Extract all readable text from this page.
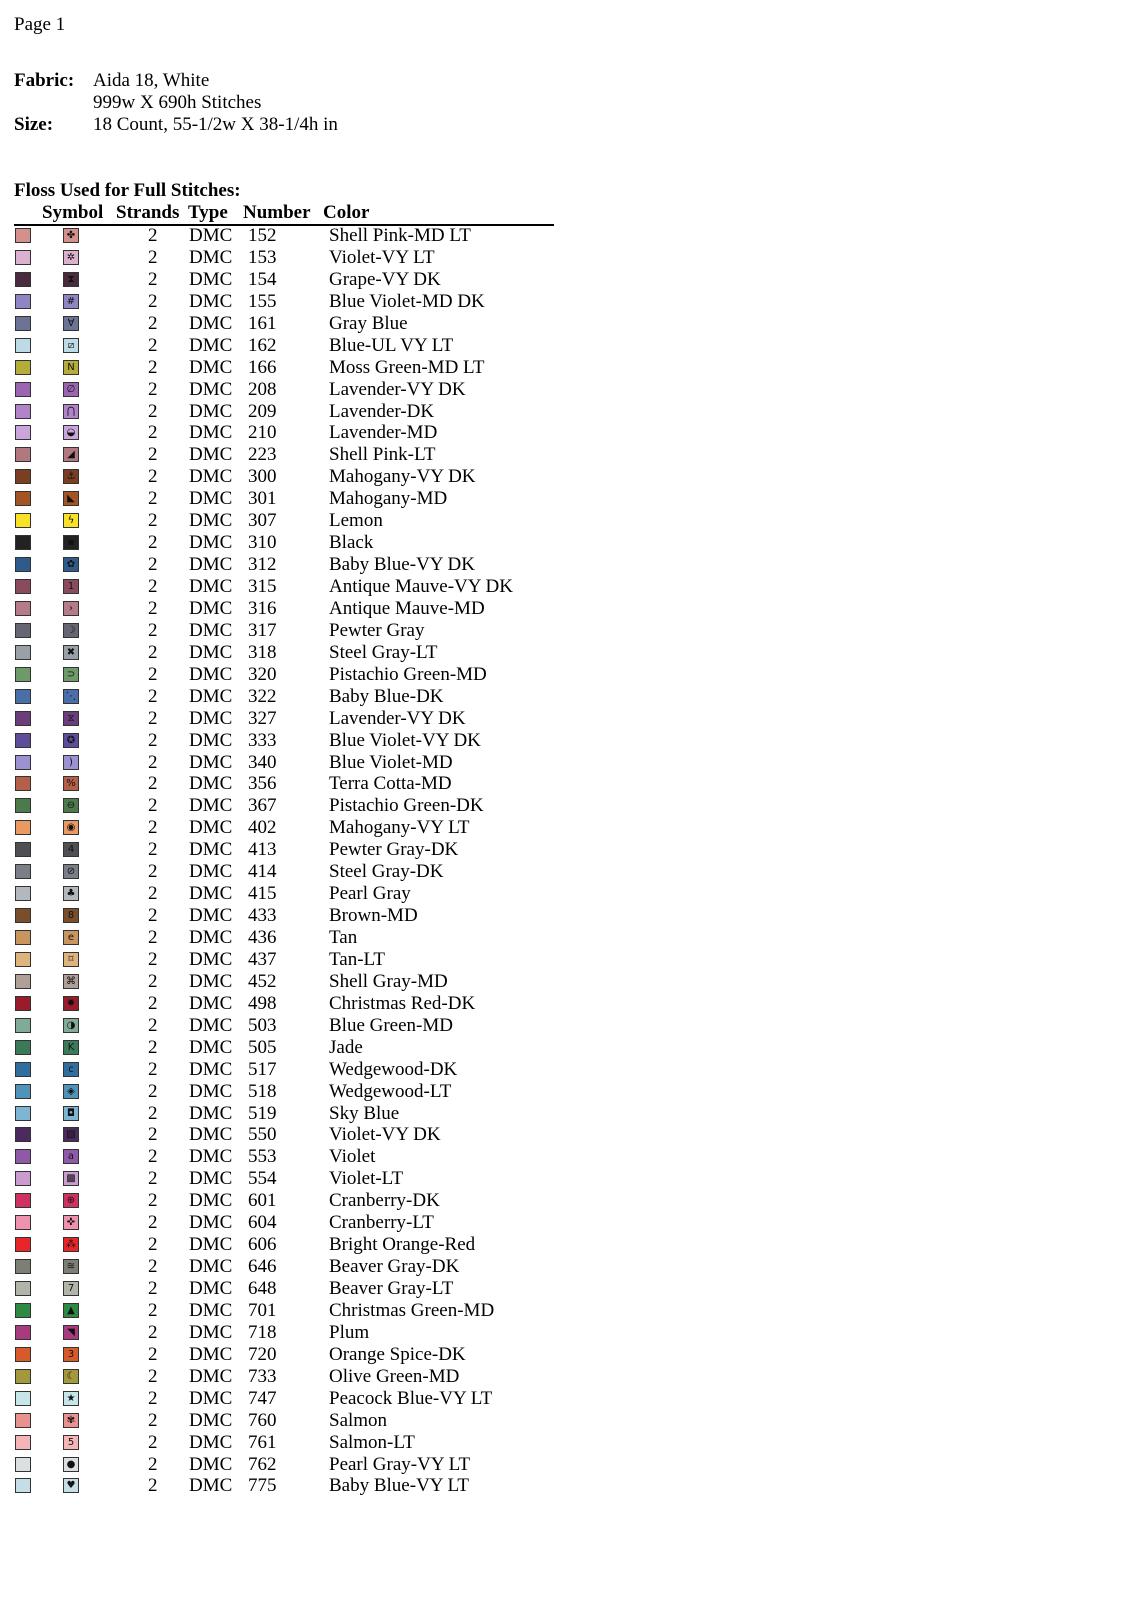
Page 1
Fabric: Aida 18, White
999w X 690h Stitches
Size: 18 Count, 55-1/2w X 38-1/4h in
Floss Used for Full Stitches:
Symbol Strands Type Number Color
✤	2 DMC 152	Shell Pink-MD LT
✲	2 DMC 153	Violet-VY LT
⧗	2 DMC 154	Grape-VY DK
#	2 DMC 155	Blue Violet-MD DK
∀	2 DMC 161	Gray Blue
⧄	2 DMC 162	Blue-UL VY LT
N	2 DMC 166	Moss Green-MD LT
∅	2 DMC 208	Lavender-VY DK
⋂	2 DMC 209	Lavender-DK
◒	2 DMC 210	Lavender-MD
◢	2 DMC 223	Shell Pink-LT
⚓	2 DMC 300	Mahogany-VY DK
◣	2 DMC 301	Mahogany-MD
ϟ	2 DMC 307	Lemon
▪	2 DMC 310	Black
✿	2 DMC 312	Baby Blue-VY DK
1	2 DMC 315	Antique Mauve-VY DK
›	2 DMC 316	Antique Mauve-MD
☽	2 DMC 317	Pewter Gray
✖	2 DMC 318	Steel Gray-LT
⊃	2 DMC 320	Pistachio Green-MD
⋱	2 DMC 322	Baby Blue-DK
⧖	2 DMC 327	Lavender-VY DK
✪	2 DMC 333	Blue Violet-VY DK
)	2 DMC 340	Blue Violet-MD
%	2 DMC 356	Terra Cotta-MD
⊖	2 DMC 367	Pistachio Green-DK
◉	2 DMC 402	Mahogany-VY LT
4	2 DMC 413	Pewter Gray-DK
⊘	2 DMC 414	Steel Gray-DK
♣	2 DMC 415	Pearl Gray
8	2 DMC 433	Brown-MD
e	2 DMC 436	Tan
⌑	2 DMC 437	Tan-LT
⌘	2 DMC 452	Shell Gray-MD
✹	2 DMC 498	Christmas Red-DK
◑	2 DMC 503	Blue Green-MD
K	2 DMC 505	Jade
c	2 DMC 517	Wedgewood-DK
◈	2 DMC 518	Wedgewood-LT
◘	2 DMC 519	Sky Blue
▧	2 DMC 550	Violet-VY DK
a	2 DMC 553	Violet
▩	2 DMC 554	Violet-LT
⊕	2 DMC 601	Cranberry-DK
✜	2 DMC 604	Cranberry-LT
⁂	2 DMC 606	Bright Orange-Red
≋	2 DMC 646	Beaver Gray-DK
7	2 DMC 648	Beaver Gray-LT
▲	2 DMC 701	Christmas Green-MD
◥	2 DMC 718	Plum
3	2 DMC 720	Orange Spice-DK
☾	2 DMC 733	Olive Green-MD
★	2 DMC 747	Peacock Blue-VY LT
✾	2 DMC 760	Salmon
5	2 DMC 761	Salmon-LT
●	2 DMC 762	Pearl Gray-VY LT
♥	2 DMC 775	Baby Blue-VY LT
